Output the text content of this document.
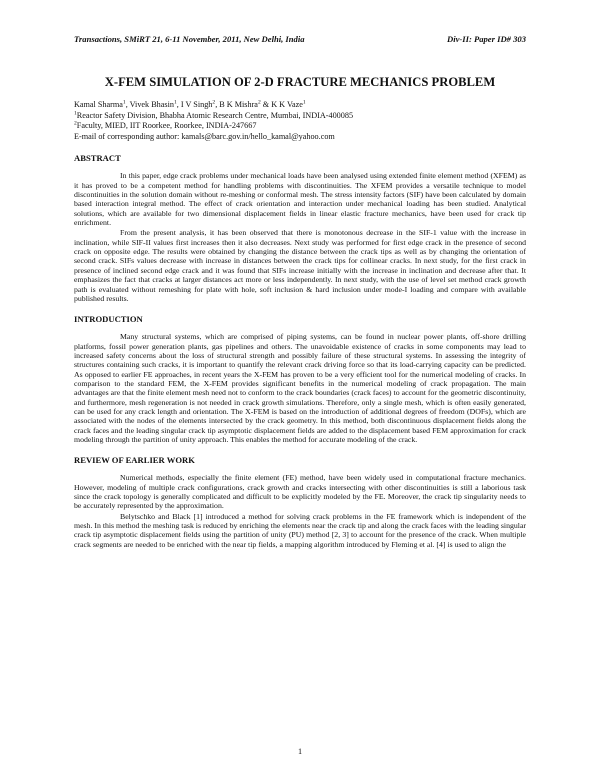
Transactions, SMiRT 21, 6-11 November, 2011, New Delhi, India	Div-II: Paper ID# 303
X-FEM SIMULATION OF 2-D FRACTURE MECHANICS PROBLEM
Kamal Sharma$^1$, Vivek Bhasin$^1$, I V Singh$^2$, B K Mishra$^2$ & K K Vaze$^1$
$^1$Reactor Safety Division, Bhabha Atomic Research Centre, Mumbai, INDIA-400085
$^2$Faculty, MIED, IIT Roorkee, Roorkee, INDIA-247667
E-mail of corresponding author: kamals@barc.gov.in/hello_kamal@yahoo.com
ABSTRACT

In this paper, edge crack problems under mechanical loads have been analysed using extended finite element method (XFEM) as it has proved to be a competent method for handling problems with discontinuities. The XFEM provides a versatile technique to model discontinuities in the solution domain without re-meshing or conformal mesh. The stress intensity factors (SIF) have been calculated by domain based interaction integral method. The effect of crack orientation and interaction under mechanical loading has been studied. Analytical solutions, which are available for two dimensional displacement fields in linear elastic fracture mechanics, have been used for crack tip enrichment.

From the present analysis, it has been observed that there is monotonous decrease in the SIF-1 value with the increase in inclination, while SIF-II values first increases then it also decreases. Next study was performed for first edge crack in the presence of second crack on opposite edge. The results were obtained by changing the distance between the crack tips as well as by changing the orientation of second crack. SIFs values decrease with increase in distances between the crack tips for collinear cracks. In next study, for the first crack in presence of inclined second edge crack and it was found that SIFs increase initially with the increase in inclination and decrease after that. It emphasizes the fact that cracks at larger distances act more or less independently. In next study, with the use of level set method crack growth path is evaluated without remeshing for plate with hole, soft inclusion & hard inclusion under mode-I loading and compare with available published results.

INTRODUCTION

Many structural systems, which are comprised of piping systems, can be found in nuclear power plants, off-shore drilling platforms, fossil power generation plants, gas pipelines and others. The unavoidable existence of cracks in some components may lead to increased safety concerns about the loss of structural strength and possibly failure of these structural systems. In assessing the integrity of structures containing such cracks, it is important to quantify the relevant crack driving force so that its load-carrying capacity can be predicted. As opposed to earlier FE approaches, in recent years the X-FEM has proven to be a very efficient tool for the numerical modeling of cracks. In comparison to the standard FEM, the X-FEM provides significant benefits in the numerical modeling of crack propagation. The main advantages are that the finite element mesh need not to conform to the crack boundaries (crack faces) to account for the geometric discontinuity, and furthermore, mesh regeneration is not needed in crack growth simulations. Therefore, only a single mesh, which is often easily generated, can be used for any crack length and orientation. The X-FEM is based on the introduction of additional degrees of freedom (DOFs), which are associated with the nodes of the elements intersected by the crack geometry. In this method, both discontinuous displacement fields along the crack faces and the leading singular crack tip asymptotic displacement fields are added to the displacement based FEM approximation for crack modeling through the partition of unity approach. This enables the method for accurate modeling of the crack.

REVIEW OF EARLIER WORK

Numerical methods, especially the finite element (FE) method, have been widely used in computational fracture mechanics. However, modeling of multiple crack configurations, crack growth and cracks intersecting with other discontinuities is still a laborious task since the crack topology is generally complicated and difficult to be explicitly modeled by the FE. Moreover, the crack tip singularity needs to be accurately represented by the approximation.

Belytschko and Black [1] introduced a method for solving crack problems in the FE framework which is independent of the mesh. In this method the meshing task is reduced by enriching the elements near the crack tip and along the crack faces with the leading singular crack tip asymptotic displacement fields using the partition of unity (PU) method [2, 3] to account for the presence of the crack. When multiple crack segments are needed to be enriched with the near tip fields, a mapping algorithm introduced by Fleming et al. [4] is used to align the

1
